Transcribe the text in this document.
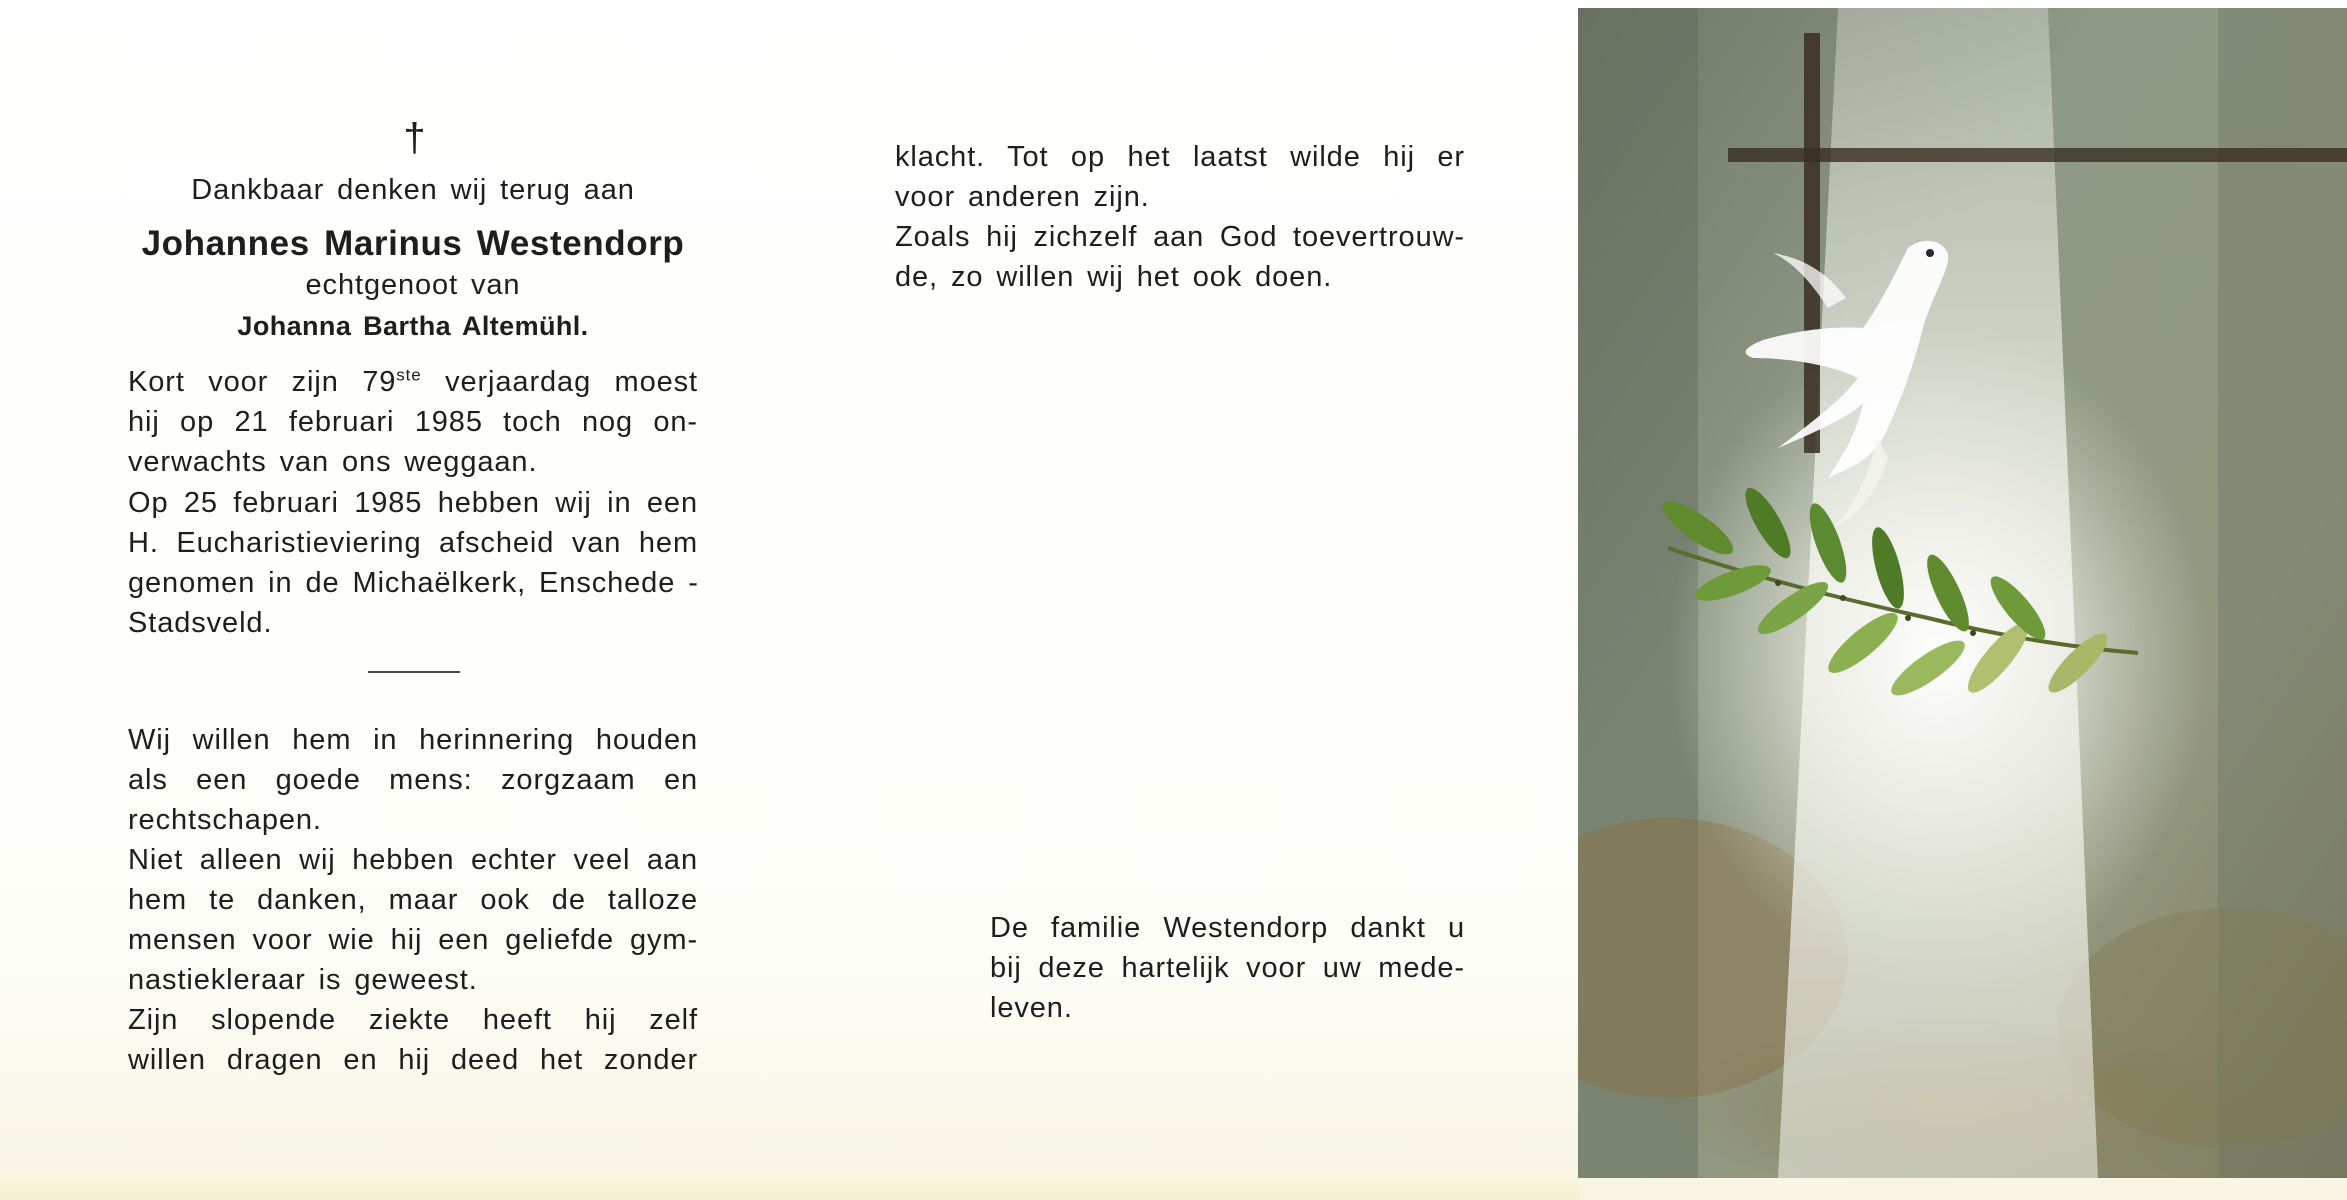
†

Dankbaar denken wij terug aan

Johannes Marinus Westendorp

echtgenoot van

Johanna Bartha Altemühl.

Kort voor zijn 79ste verjaardag moest

hij op 21 februari 1985 toch nog on-

verwachts van ons weggaan.

Op 25 februari 1985 hebben wij in een

H. Eucharistieviering afscheid van hem

genomen in de Michaëlkerk, Enschede -

Stadsveld.

Wij willen hem in herinnering houden

als een goede mens: zorgzaam en

rechtschapen.

Niet alleen wij hebben echter veel aan

hem te danken, maar ook de talloze

mensen voor wie hij een geliefde gym-

nastiekleraar is geweest.

Zijn slopende ziekte heeft hij zelf

willen dragen en hij deed het zonder

klacht. Tot op het laatst wilde hij er

voor anderen zijn.

Zoals hij zichzelf aan God toevertrouw-

de, zo willen wij het ook doen.

De familie Westendorp dankt u

bij deze hartelijk voor uw mede-

leven.
